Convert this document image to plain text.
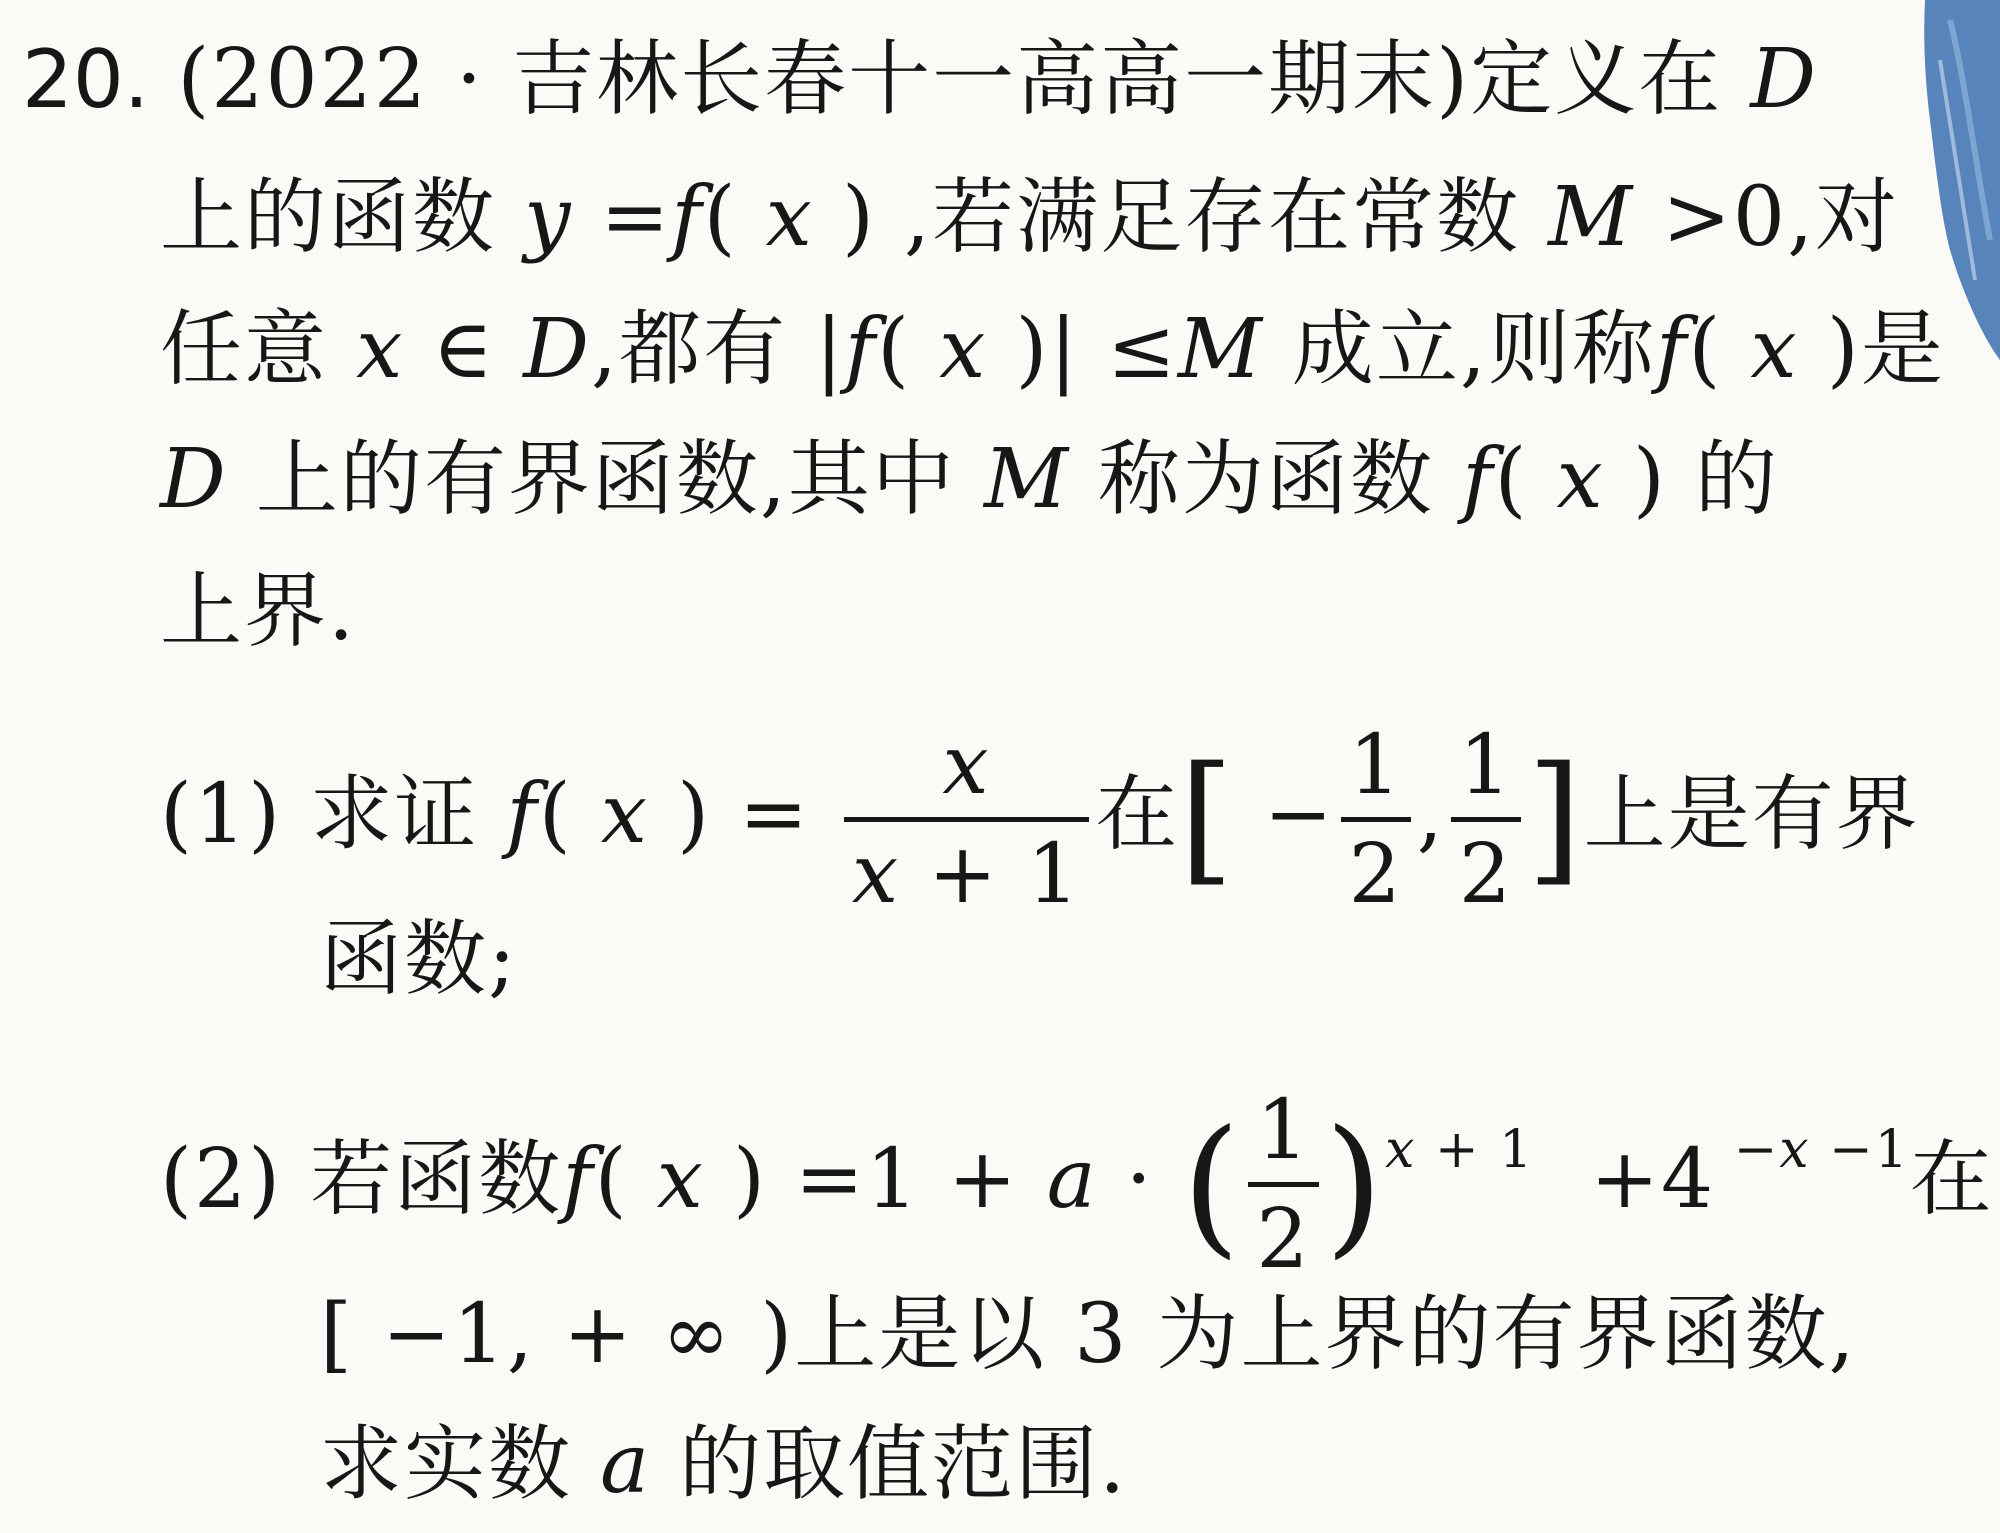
20. (2022 · 吉林长春十一高高一期末)定义在 D
上的函数 y =f( x ) ,若满足存在常数 M >0,对
任意 x ∈ D,都有 |f( x )| ≤M 成立,则称f( x )是
D 上的有界函数,其中 M 称为函数 f( x ) 的
上界.
(1) 求证 f( x ) = $\frac{x}{x + 1}$ 在[ − $\frac{1}{2}$ , $\frac{1}{2}$ ]上是有界
函数;
(2) 若函数f( x ) =1 + a · ( $\frac{1}{2} )^{x + 1} +4$ $^{-x -1}$在
[ −1, + ∞ )上是以 3 为上界的有界函数,
求实数 a 的取值范围.
